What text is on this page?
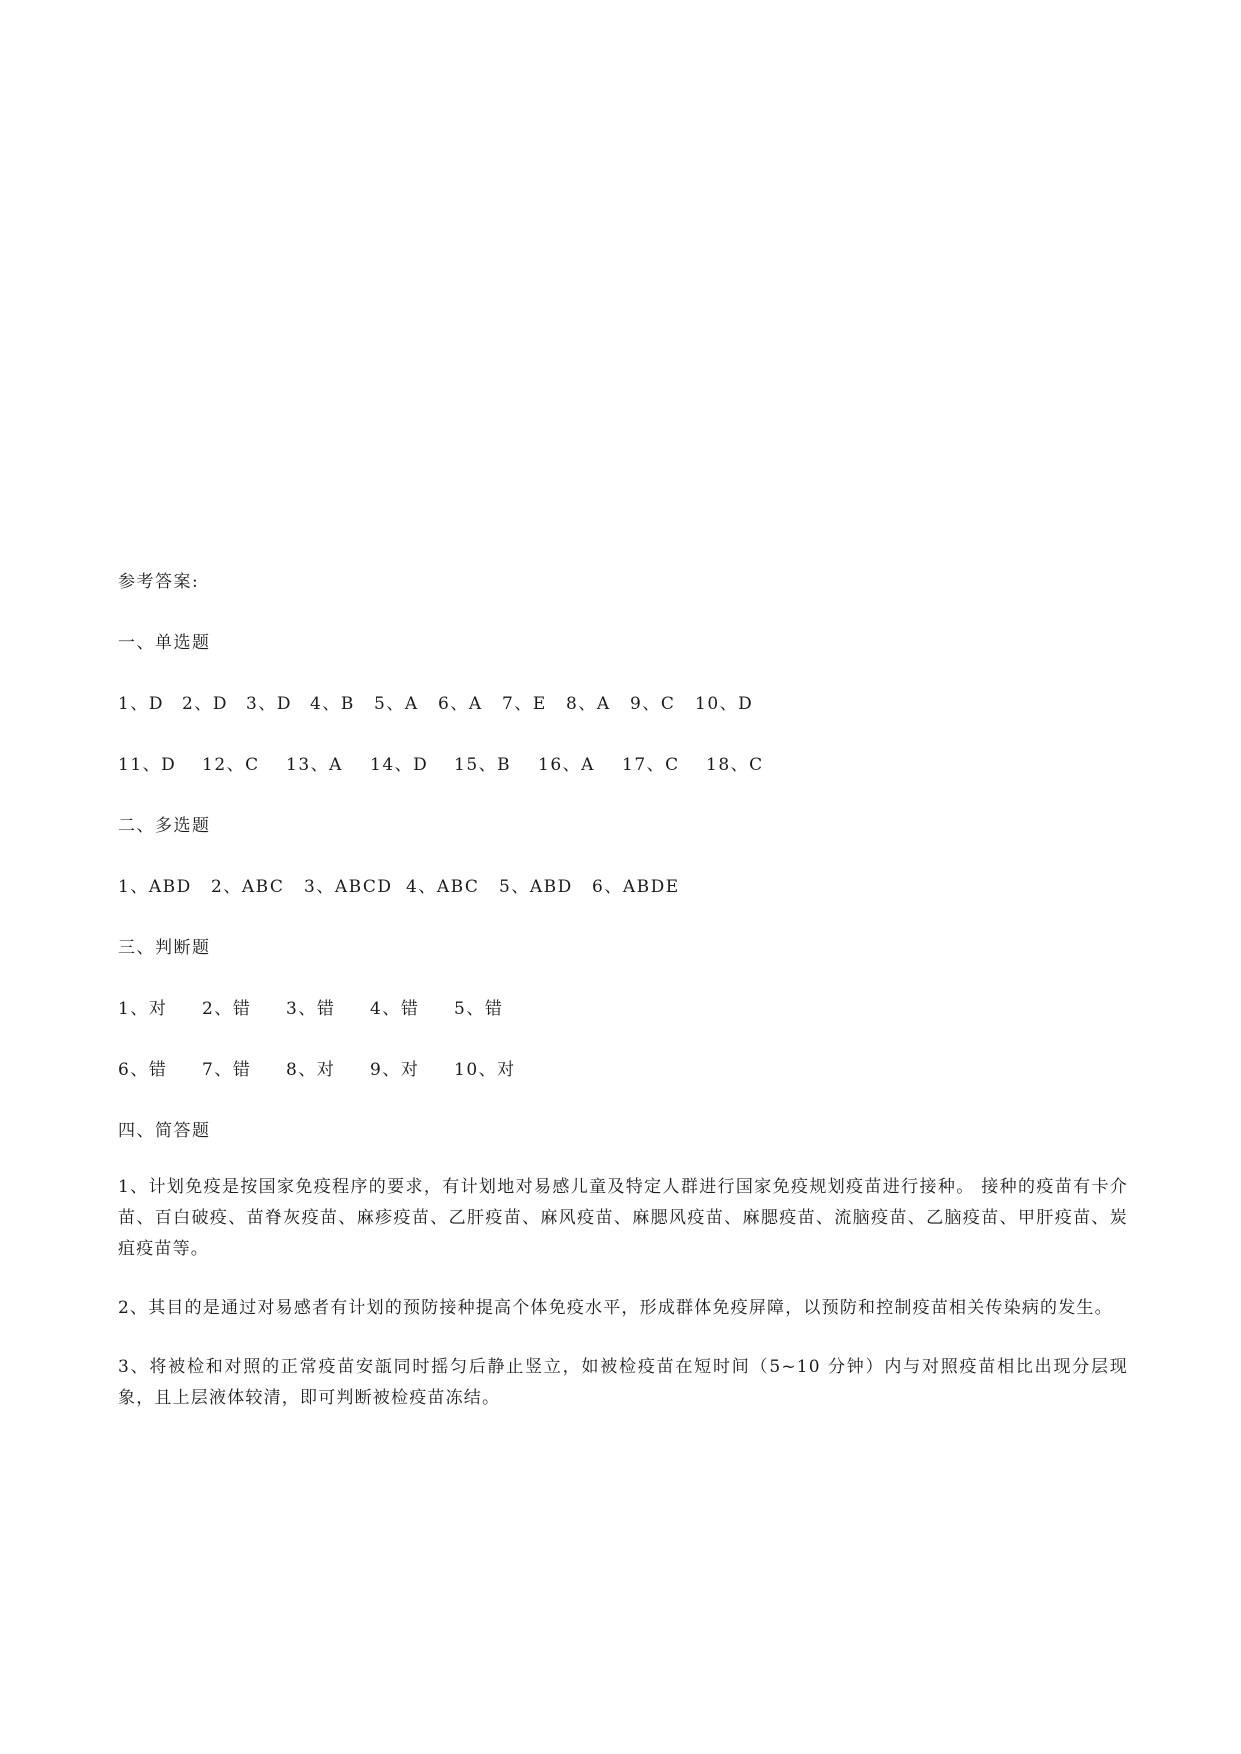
参考答案:
一、单选题
1、D 2、D 3、D 4、B 5、A 6、A 7、E 8、A 9、C 10、D
11、D 12、C 13、A 14、D 15、B 16、A 17、C 18、C
二、多选题
1、ABD 2、ABC 3、ABCD 4、ABC 5、ABD 6、ABDE
三、判断题
1、对 2、错 3、错 4、错 5、错
6、错 7、错 8、对 9、对 10、对
四、简答题

1、计划免疫是按国家免疫程序的要求，有计划地对易感儿童及特定人群进行国家免疫规划疫苗进行接种。 接种的疫苗有卡介苗、百白破疫、苗脊灰疫苗、麻疹疫苗、乙肝疫苗、麻风疫苗、麻腮风疫苗、麻腮疫苗、流脑疫苗、乙脑疫苗、甲肝疫苗、炭疽疫苗等。

2、其目的是通过对易感者有计划的预防接种提高个体免疫水平，形成群体免疫屏障，以预防和控制疫苗相关传染病的发生。

3、将被检和对照的正常疫苗安瓿同时摇匀后静止竖立，如被检疫苗在短时间（5~10 分钟）内与对照疫苗相比出现分层现象，且上层液体较清，即可判断被检疫苗冻结。
